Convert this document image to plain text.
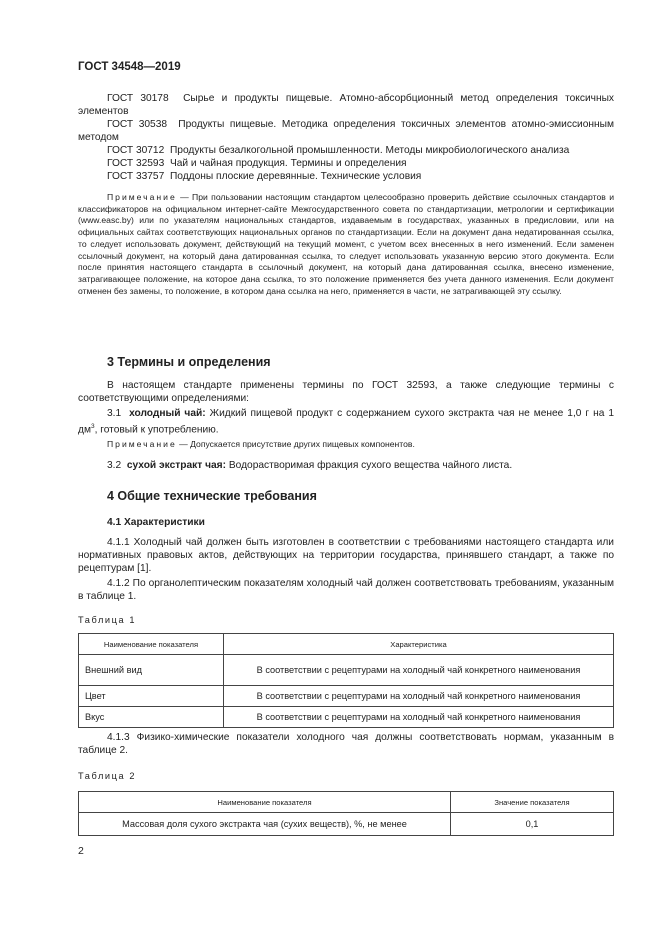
ГОСТ 34548—2019
ГОСТ 30178 Сырье и продукты пищевые. Атомно-абсорбционный метод определения токсичных элементов
ГОСТ 30538 Продукты пищевые. Методика определения токсичных элементов атомно-эмиссионным методом
ГОСТ 30712 Продукты безалкогольной промышленности. Методы микробиологического анализа
ГОСТ 32593 Чай и чайная продукция. Термины и определения
ГОСТ 33757 Поддоны плоские деревянные. Технические условия
Примечание — При пользовании настоящим стандартом целесообразно проверить действие ссылочных стандартов и классификаторов на официальном интернет-сайте Межгосударственного совета по стандартизации, метрологии и сертификации (www.easc.by) или по указателям национальных стандартов, издаваемым в государствах, указанных в предисловии, или на официальных сайтах соответствующих национальных органов по стандартизации. Если на документ дана недатированная ссылка, то следует использовать документ, действующий на текущий момент, с учетом всех внесенных в него изменений. Если заменен ссылочный документ, на который дана датированная ссылка, то следует использовать указанную версию этого документа. Если после принятия настоящего стандарта в ссылочный документ, на который дана датированная ссылка, внесено изменение, затрагивающее положение, на которое дана ссылка, то это положение применяется без учета данного изменения. Если документ отменен без замены, то положение, в котором дана ссылка на него, применяется в части, не затрагивающей эту ссылку.
3 Термины и определения
В настоящем стандарте применены термины по ГОСТ 32593, а также следующие термины с соответствующими определениями:
3.1 холодный чай: Жидкий пищевой продукт с содержанием сухого экстракта чая не менее 1,0 г на 1 $дм^3$, готовый к употреблению.
Примечание — Допускается присутствие других пищевых компонентов.
3.2 сухой экстракт чая: Водорастворимая фракция сухого вещества чайного листа.
4 Общие технические требования
4.1 Характеристики
4.1.1 Холодный чай должен быть изготовлен в соответствии с требованиями настоящего стандарта или нормативных правовых актов, действующих на территории государства, принявшего стандарт, а также по рецептурам [1].
4.1.2 По органолептическим показателям холодный чай должен соответствовать требованиям, указанным в таблице 1.
Таблица 1
Наименование показателя	Характеристика
Внешний вид	В соответствии с рецептурами на холодный чай конкретного наименования
Цвет	В соответствии с рецептурами на холодный чай конкретного наименования
Вкус	В соответствии с рецептурами на холодный чай конкретного наименования
4.1.3 Физико-химические показатели холодного чая должны соответствовать нормам, указанным в таблице 2.
Таблица 2
Наименование показателя	Значение показателя
Массовая доля сухого экстракта чая (сухих веществ), %, не менее	0,1
2
